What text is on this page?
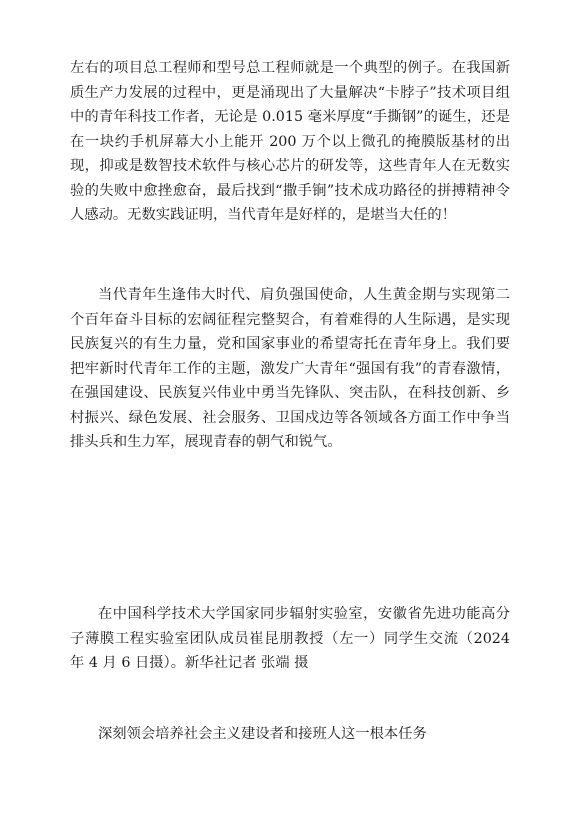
左右的项目总工程师和型号总工程师就是一个典型的例子。在我国新质生产力发展的过程中，更是涌现出了大量解决“卡脖子”技术项目组中的青年科技工作者，无论是 0.015 毫米厚度“手撕钢”的诞生，还是在一块约手机屏幕大小上能开 200 万个以上微孔的掩膜版基材的出现，抑或是数智技术软件与核心芯片的研发等，这些青年人在无数实验的失败中愈挫愈奋，最后找到“撒手锏”技术成功路径的拼搏精神令人感动。无数实践证明，当代青年是好样的，是堪当大任的！

当代青年生逢伟大时代、肩负强国使命，人生黄金期与实现第二个百年奋斗目标的宏阔征程完整契合，有着难得的人生际遇，是实现民族复兴的有生力量，党和国家事业的希望寄托在青年身上。我们要把牢新时代青年工作的主题，激发广大青年“强国有我”的青春激情，在强国建设、民族复兴伟业中勇当先锋队、突击队，在科技创新、乡村振兴、绿色发展、社会服务、卫国戍边等各领域各方面工作中争当排头兵和生力军，展现青春的朝气和锐气。

在中国科学技术大学国家同步辐射实验室，安徽省先进功能高分子薄膜工程实验室团队成员崔昆朋教授（左一）同学生交流（2024 年 4 月 6 日摄）。新华社记者 张端 摄

深刻领会培养社会主义建设者和接班人这一根本任务
